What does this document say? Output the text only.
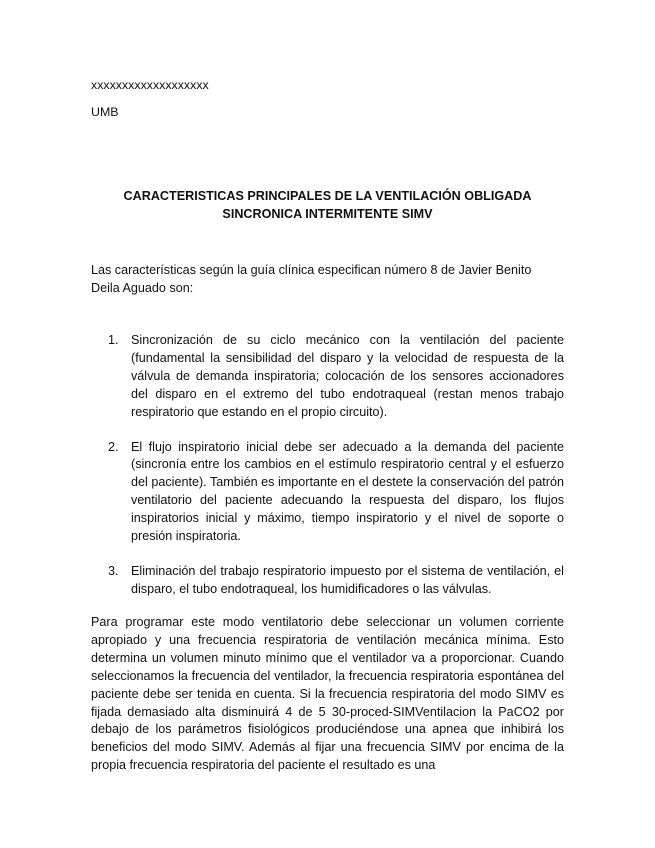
xxxxxxxxxxxxxxxxxxx
UMB
CARACTERISTICAS PRINCIPALES DE LA VENTILACIÓN OBLIGADA
SINCRONICA INTERMITENTE SIMV
Las características según la guía clínica especifican número 8 de Javier Benito Deila Aguado son:
1. Sincronización de su ciclo mecánico con la ventilación del paciente (fundamental la sensibilidad del disparo y la velocidad de respuesta de la válvula de demanda inspiratoria; colocación de los sensores accionadores del disparo en el extremo del tubo endotraqueal (restan menos trabajo respiratorio que estando en el propio circuito).
2. El flujo inspiratorio inicial debe ser adecuado a la demanda del paciente (sincronía entre los cambios en el estímulo respiratorio central y el esfuerzo del paciente). También es importante en el destete la conservación del patrón ventilatorio del paciente adecuando la respuesta del disparo, los flujos inspiratorios inicial y máximo, tiempo inspiratorio y el nivel de soporte o presión inspiratoria.
3. Eliminación del trabajo respiratorio impuesto por el sistema de ventilación, el disparo, el tubo endotraqueal, los humidificadores o las válvulas.
Para programar este modo ventilatorio debe seleccionar un volumen corriente apropiado y una frecuencia respiratoria de ventilación mecánica mínima. Esto determina un volumen minuto mínimo que el ventilador va a proporcionar. Cuando seleccionamos la frecuencia del ventilador, la frecuencia respiratoria espontánea del paciente debe ser tenida en cuenta. Si la frecuencia respiratoria del modo SIMV es fijada demasiado alta disminuirá 4 de 5 30-proced-SIMVentilacion la PaCO2 por debajo de los parámetros fisiológicos produciéndose una apnea que inhibirá los beneficios del modo SIMV. Además al fijar una frecuencia SIMV por encima de la propia frecuencia respiratoria del paciente el resultado es una
